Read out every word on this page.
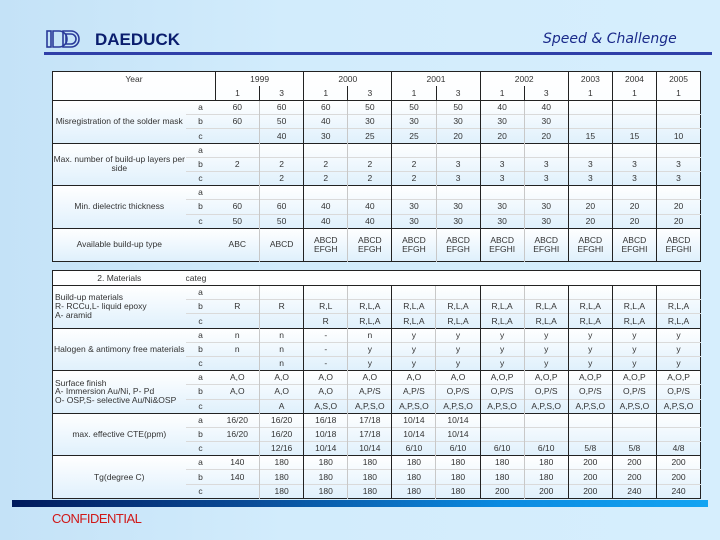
DAEDUCK	Speed & Challenge
Year		1999		2000		2001		2002		2003	2004	2005
		1	3	1	3	1	3	1	3	1	1	1
Misregistration of the solder mask	a	60	60	60	50	50	50	40	40			
	b	60	50	40	30	30	30	30	30			
	c		40	30	25	25	20	20	20	15	15	10
Max. number of build-up layers per side	a											
	b	2	2	2	2	2	3	3	3	3	3	3
	c		2	2	2	2	3	3	3	3	3	3
Min. dielectric thickness	a											
	b	60	60	40	40	30	30	30	30	20	20	20
	c	50	50	40	40	30	30	30	30	20	20	20
Available build-up type		ABC	ABCD	ABCD EFGH	ABCD EFGH	ABCD EFGH	ABCD EFGH	ABCD EFGHI	ABCD EFGHI	ABCD EFGHI	ABCD EFGHI	ABCD EFGHI
2. Materials	categ											
Build-up materials
R- RCCu,L- liquid epoxy
A- aramid	a											
	b	R	R	R,L	R,L,A	R,L,A	R,L,A	R,L,A	R,L,A	R,L,A	R,L,A	R,L,A
	c			R	R,L,A	R,L,A	R,L,A	R,L,A	R,L,A	R,L,A	R,L,A	R,L,A
Halogen & antimony free materials	a	n	n	-	n	y	y	y	y	y	y	y
	b	n	n	-	y	y	y	y	y	y	y	y
	c		n	-	y	y	y	y	y	y	y	y
Surface finish
A- Immersion Au/Ni, P- Pd
O- OSP,S- selective Au/Ni&OSP	a	A,O	A,O	A,O	A,O	A,O	A,O	A,O,P	A,O,P	A,O,P	A,O,P	A,O,P
	b	A,O	A,O	A,O	A,P/S	A,P/S	O,P/S	O,P/S	O,P/S	O,P/S	O,P/S	O,P/S
	c		A	A,S,O	A,P,S,O	A,P,S,O	A,P,S,O	A,P,S,O	A,P,S,O	A,P,S,O	A,P,S,O	A,P,S,O
max. effective CTE(ppm)	a	16/20	16/20	16/18	17/18	10/14	10/14					
	b	16/20	16/20	10/18	17/18	10/14	10/14					
	c		12/16	10/14	10/14	6/10	6/10	6/10	6/10	5/8	5/8	4/8
Tg(degree C)	a	140	180	180	180	180	180	180	180	200	200	200
	b	140	180	180	180	180	180	180	180	200	200	200
	c		180	180	180	180	180	200	200	200	240	240
CONFIDENTIAL
